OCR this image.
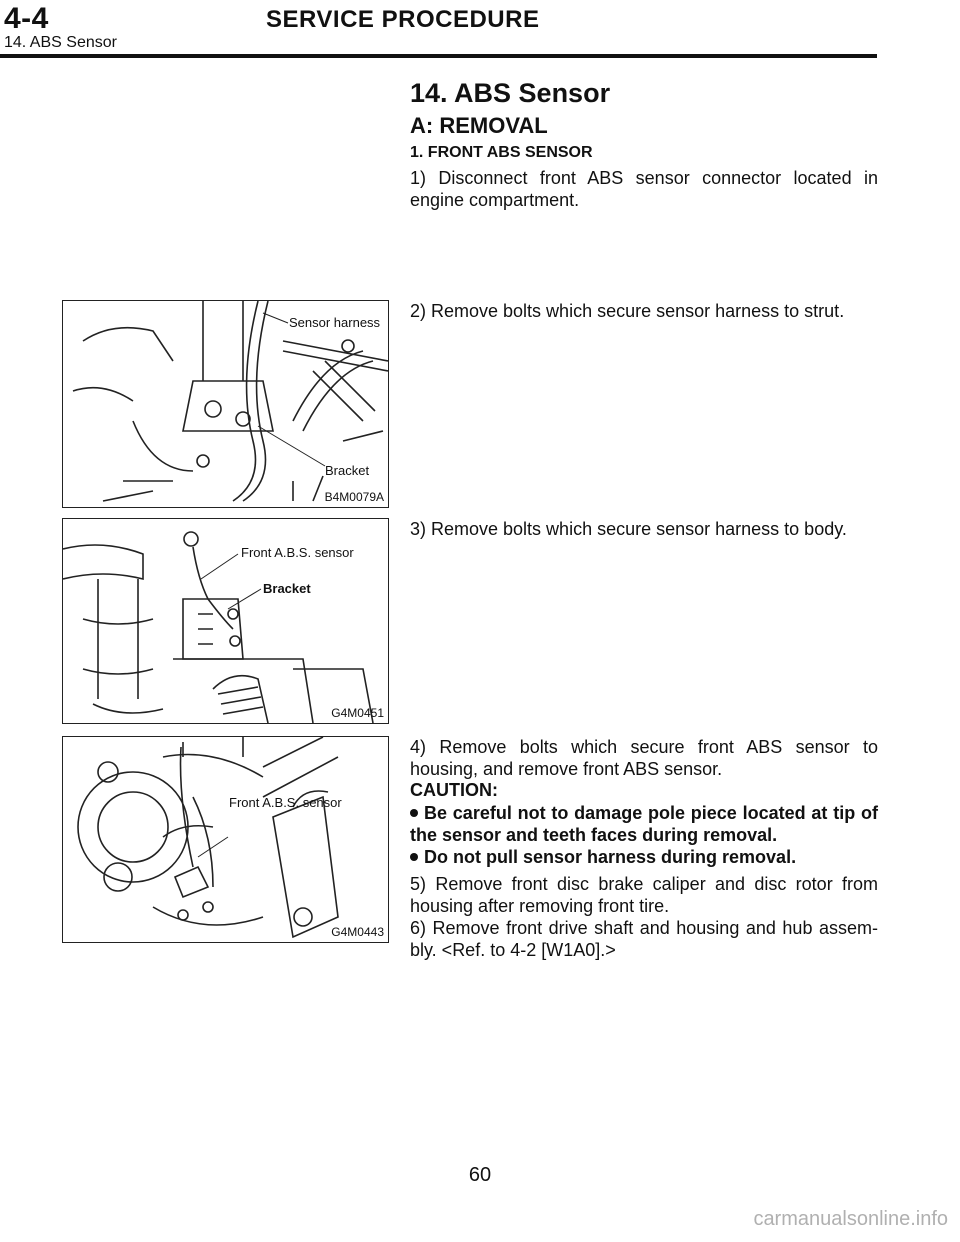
4-4	SERVICE PROCEDURE
14. ABS Sensor
14. ABS Sensor
A: REMOVAL
1. FRONT ABS SENSOR
1) Disconnect front ABS sensor connector located in engine compartment.
2) Remove bolts which secure sensor harness to strut.
3) Remove bolts which secure sensor harness to body.
4) Remove bolts which secure front ABS sensor to housing, and remove front ABS sensor.
CAUTION:
Be careful not to damage pole piece located at tip of the sensor and teeth faces during removal.
Do not pull sensor harness during removal.
5) Remove front disc brake caliper and disc rotor from housing after removing front tire.
6) Remove front drive shaft and housing and hub assem-bly. <Ref. to 4-2 [W1A0].>
Sensor harness
Bracket
B4M0079A
Front A.B.S. sensor
Bracket
G4M0451
Front A.B.S. sensor
G4M0443
60
carmanualsonline.info
